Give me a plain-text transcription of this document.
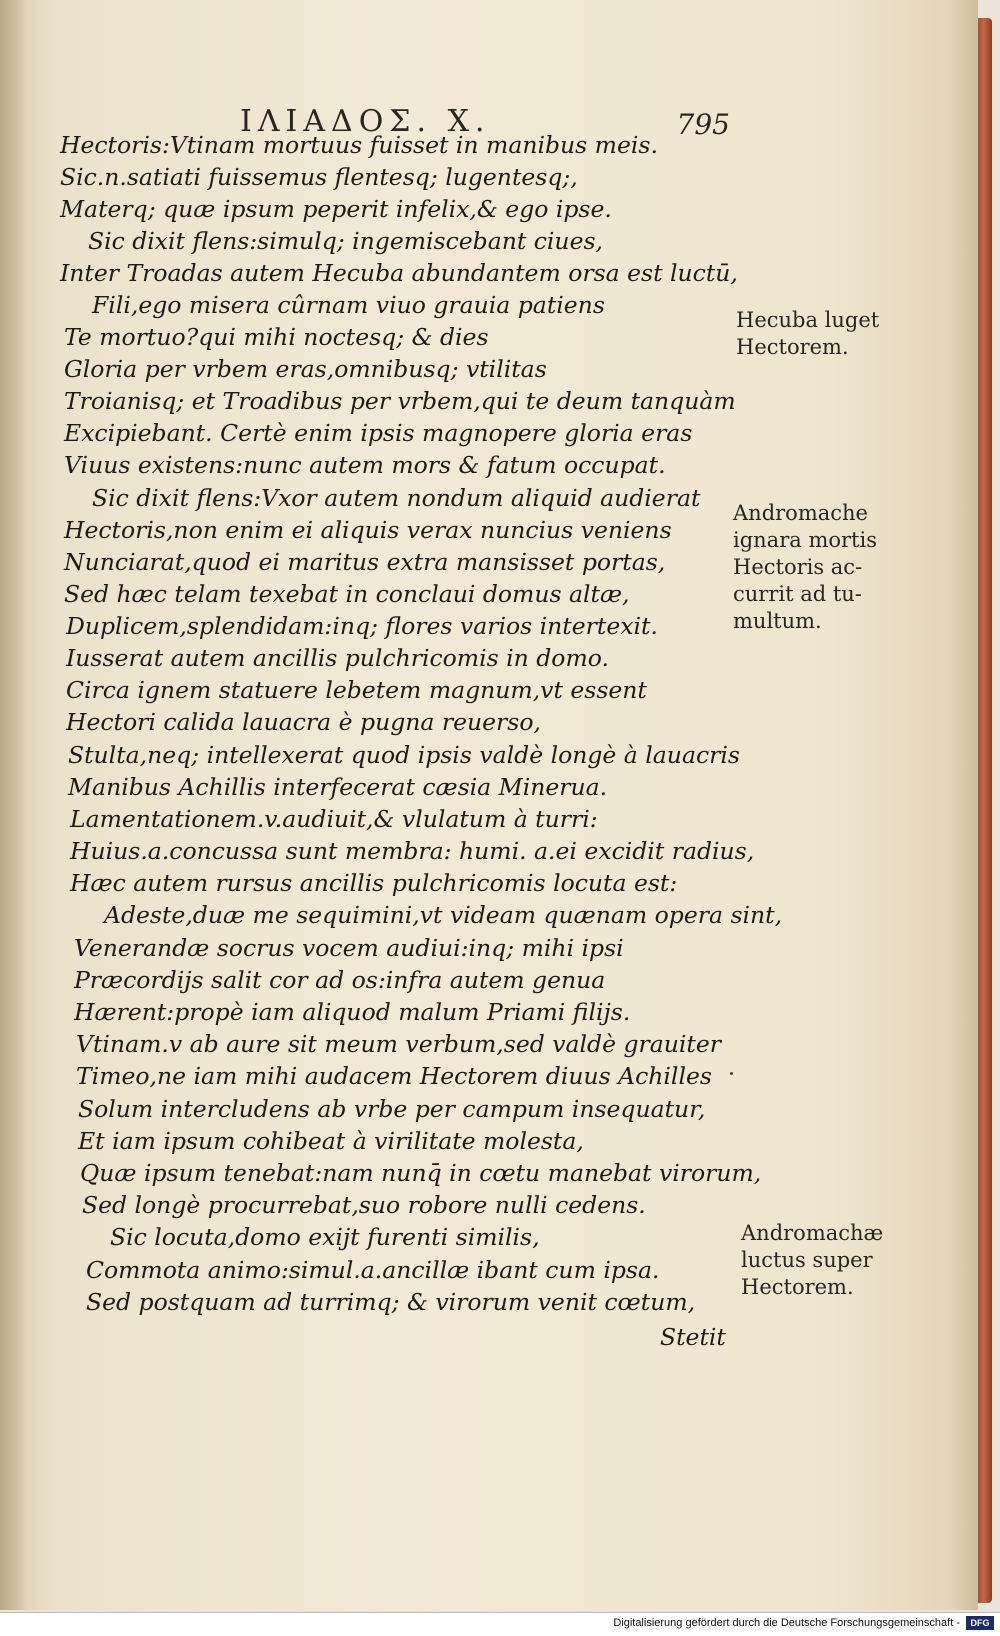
ΙΛΙΑΔΟΣ. Χ.	795
Hectoris:Vtinam mortuus fuisset in manibus meis.
Sic.n.satiati fuissemus flentesq; lugentesq;,
Materq; quæ ipsum peperit infelix,& ego ipse.
Sic dixit flens:simulq; ingemiscebant ciues,
Inter Troadas autem Hecuba abundantem orsa est luctū,
Fili,ego misera cûrnam viuo grauia patiens
Te mortuo?qui mihi noctesq; & dies
Gloria per vrbem eras,omnibusq; vtilitas
Troianisq; et Troadibus per vrbem,qui te deum tanquàm
Excipiebant. Certè enim ipsis magnopere gloria eras
Viuus existens:nunc autem mors & fatum occupat.
Sic dixit flens:Vxor autem nondum aliquid audierat
Hectoris,non enim ei aliquis verax nuncius veniens
Nunciarat,quod ei maritus extra mansisset portas,
Sed hæc telam texebat in conclaui domus altæ,
Duplicem,splendidam:inq; flores varios intertexit.
Iusserat autem ancillis pulchricomis in domo.
Circa ignem statuere lebetem magnum,vt essent
Hectori calida lauacra è pugna reuerso,
Stulta,neq; intellexerat quod ipsis valdè longè à lauacris
Manibus Achillis interfecerat cæsia Minerua.
Lamentationem.v.audiuit,& vlulatum à turri:
Huius.a.concussa sunt membra: humi. a.ei excidit radius,
Hæc autem rursus ancillis pulchricomis locuta est:
Adeste,duæ me sequimini,vt videam quænam opera sint,
Venerandæ socrus vocem audiui:inq; mihi ipsi
Præcordijs salit cor ad os:infra autem genua
Hærent:propè iam aliquod malum Priami filijs.
Vtinam.v ab aure sit meum verbum,sed valdè grauiter
Timeo,ne iam mihi audacem Hectorem diuus Achilles
Solum intercludens ab vrbe per campum insequatur,
Et iam ipsum cohibeat à virilitate molesta,
Quæ ipsum tenebat:nam nunq̄ in cœtu manebat virorum,
Sed longè procurrebat,suo robore nulli cedens.
Sic locuta,domo exijt furenti similis,
Commota animo:simul.a.ancillæ ibant cum ipsa.
Sed postquam ad turrimq; & virorum venit cœtum,
Stetit
Hecuba luget
Hectorem.
Andromache
ignara mortis
Hectoris ac-
currit ad tu-
multum.
Andromachæ
luctus super
Hectorem.
Digitalisierung gefördert durch die Deutsche Forschungsgemeinschaft -	DFG
